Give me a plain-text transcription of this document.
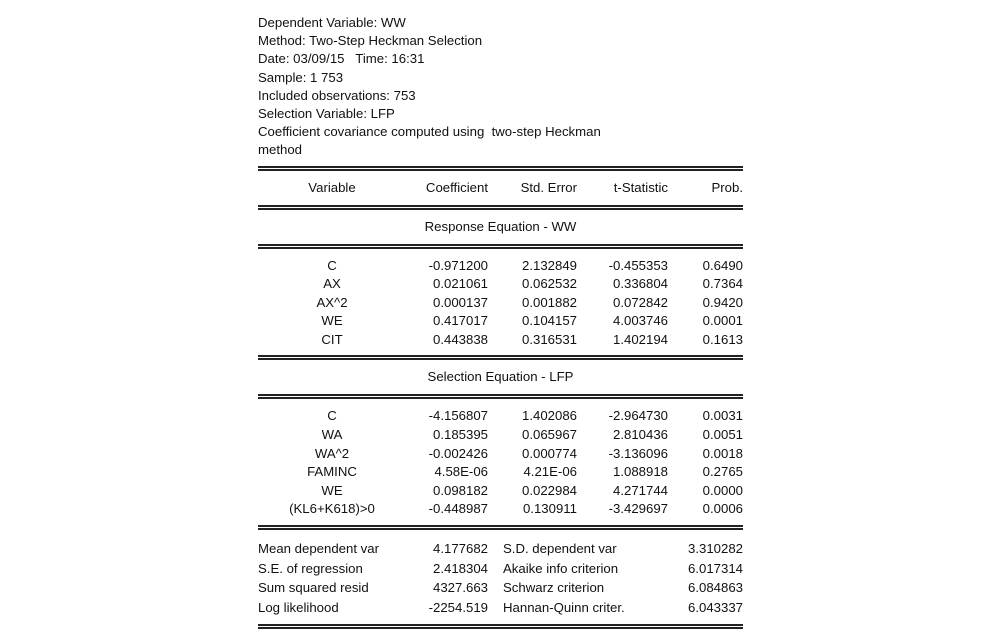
Dependent Variable: WW
Method: Two-Step Heckman Selection
Date: 03/09/15   Time: 16:31
Sample: 1 753
Included observations: 753
Selection Variable: LFP
Coefficient covariance computed using  two-step Heckman
method
Variable	Coefficient	Std. Error	t-Statistic	Prob.
Response Equation - WW
C	-0.971200	2.132849	-0.455353	0.6490
AX	0.021061	0.062532	0.336804	0.7364
AX^2	0.000137	0.001882	0.072842	0.9420
WE	0.417017	0.104157	4.003746	0.0001
CIT	0.443838	0.316531	1.402194	0.1613
Selection Equation - LFP
C	-4.156807	1.402086	-2.964730	0.0031
WA	0.185395	0.065967	2.810436	0.0051
WA^2	-0.002426	0.000774	-3.136096	0.0018
FAMINC	4.58E-06	4.21E-06	1.088918	0.2765
WE	0.098182	0.022984	4.271744	0.0000
(KL6+K618)>0	-0.448987	0.130911	-3.429697	0.0006
Mean dependent var	4.177682	S.D. dependent var	3.310282
S.E. of regression	2.418304	Akaike info criterion	6.017314
Sum squared resid	4327.663	Schwarz criterion	6.084863
Log likelihood	-2254.519	Hannan-Quinn criter.	6.043337
